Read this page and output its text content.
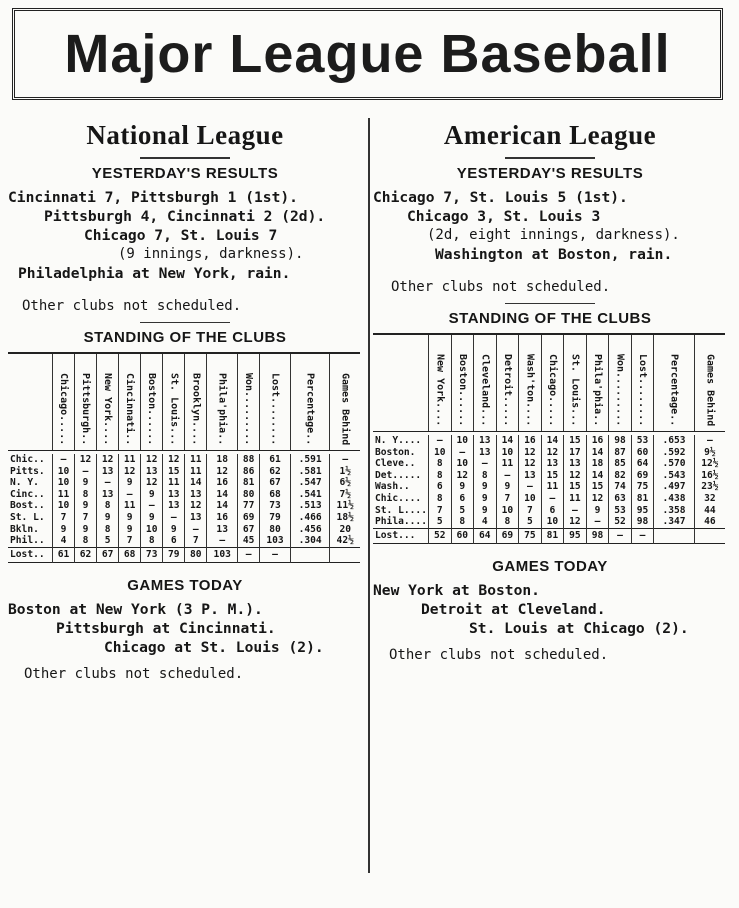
Major League Baseball
National League
YESTERDAY'S RESULTS
Cincinnati 7, Pittsburgh 1 (1st).
Pittsburgh 4, Cincinnati 2 (2d).
Chicago 7, St. Louis 7
(9 innings, darkness).
Philadelphia at New York, rain.
Other clubs not scheduled.
STANDING OF THE CLUBS
	Chicago.....	Pittsburgh..	New York....	Cincinnati..	Boston......	St. Louis...	Brooklyn....	Phila'phia..	Won.........	Lost........	Percentage..	Games Behind

Chic..	—	12	12	11	12	12	11	18	88	61	.591	—
Pitts.	10	—	13	12	13	15	11	12	86	62	.581	1½
N. Y.	10	9	—	9	12	11	14	16	81	67	.547	6½
Cinc..	11	8	13	—	9	13	13	14	80	68	.541	7½
Bost..	10	9	8	11	—	13	12	14	77	73	.513	11½
St. L.	7	7	9	9	9	—	13	16	69	79	.466	18½
Bkln.	9	9	8	9	10	9	—	13	67	80	.456	20
Phil..	4	8	5	7	8	6	7	—	45	103	.304	42½
Lost..	61	62	67	68	73	79	80	103	—	—		
GAMES TODAY
Boston at New York (3 P. M.).
Pittsburgh at Cincinnati.
Chicago at St. Louis (2).
Other clubs not scheduled.
American League
YESTERDAY'S RESULTS
Chicago 7, St. Louis 5 (1st).
Chicago 3, St. Louis 3
(2d, eight innings, darkness).
Washington at Boston, rain.
Other clubs not scheduled.
STANDING OF THE CLUBS
	New York....	Boston......	Cleveland...	Detroit.....	Wash'ton....	Chicago.....	St. Louis...	Phila'phia..	Won.........	Lost........	Percentage..	Games Behind

N. Y....	—	10	13	14	16	14	15	16	98	53	.653	—
Boston.	10	—	13	10	12	12	17	14	87	60	.592	9½
Cleve..	8	10	—	11	12	13	13	18	85	64	.570	12½
Det.....	8	12	8	—	13	15	12	14	82	69	.543	16½
Wash..	6	9	9	9	—	11	15	15	74	75	.497	23½
Chic....	8	6	9	7	10	—	11	12	63	81	.438	32
St. L....	7	5	9	10	7	6	—	9	53	95	.358	44
Phila....	5	8	4	8	5	10	12	—	52	98	.347	46
Lost...	52	60	64	69	75	81	95	98	—	—		
GAMES TODAY
New York at Boston.
Detroit at Cleveland.
St. Louis at Chicago (2).
Other clubs not scheduled.
